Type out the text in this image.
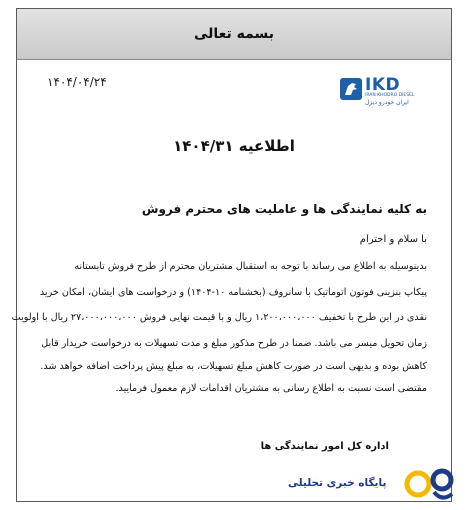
بسمه تعالی
۱۴۰۴/۰۴/۲۴	IKD
IRAN KHODRO DIESEL
ایران خودرو دیزل
اطلاعیه ۱۴۰۴/۳۱
به کلیه نمایندگی ها و عاملیت های محترم فروش
با سلام و احترام
بدینوسیله به اطلاع می رساند با توجه به استقبال مشتریان محترم از طرح فروش تابستانه
پیکاپ بنزینی فوتون اتوماتیک با سانروف (بخشنامه ۱۰-۱۴۰۴) و درخواست های ایشان، امکان خرید
نقدی در این طرح با تخفیف ۱،۲۰۰،۰۰۰،۰۰۰ ریال و با قیمت نهایی فروش ۲۷،۰۰۰،۰۰۰،۰۰۰ ریال با اولویت
زمان تحویل میسر می باشد. ضمنا در طرح مذکور مبلغ و مدت تسهیلات به درخواست خریدار قابل
کاهش بوده و بدیهی است در صورت کاهش مبلغ تسهیلات، به مبلغ پیش پرداخت اضافه خواهد شد.
مقتضی است نسبت به اطلاع رسانی به مشتریان اقدامات لازم معمول فرمایید.
اداره کل امور نمایندگی ها
پایگاه خبری تحلیلی
